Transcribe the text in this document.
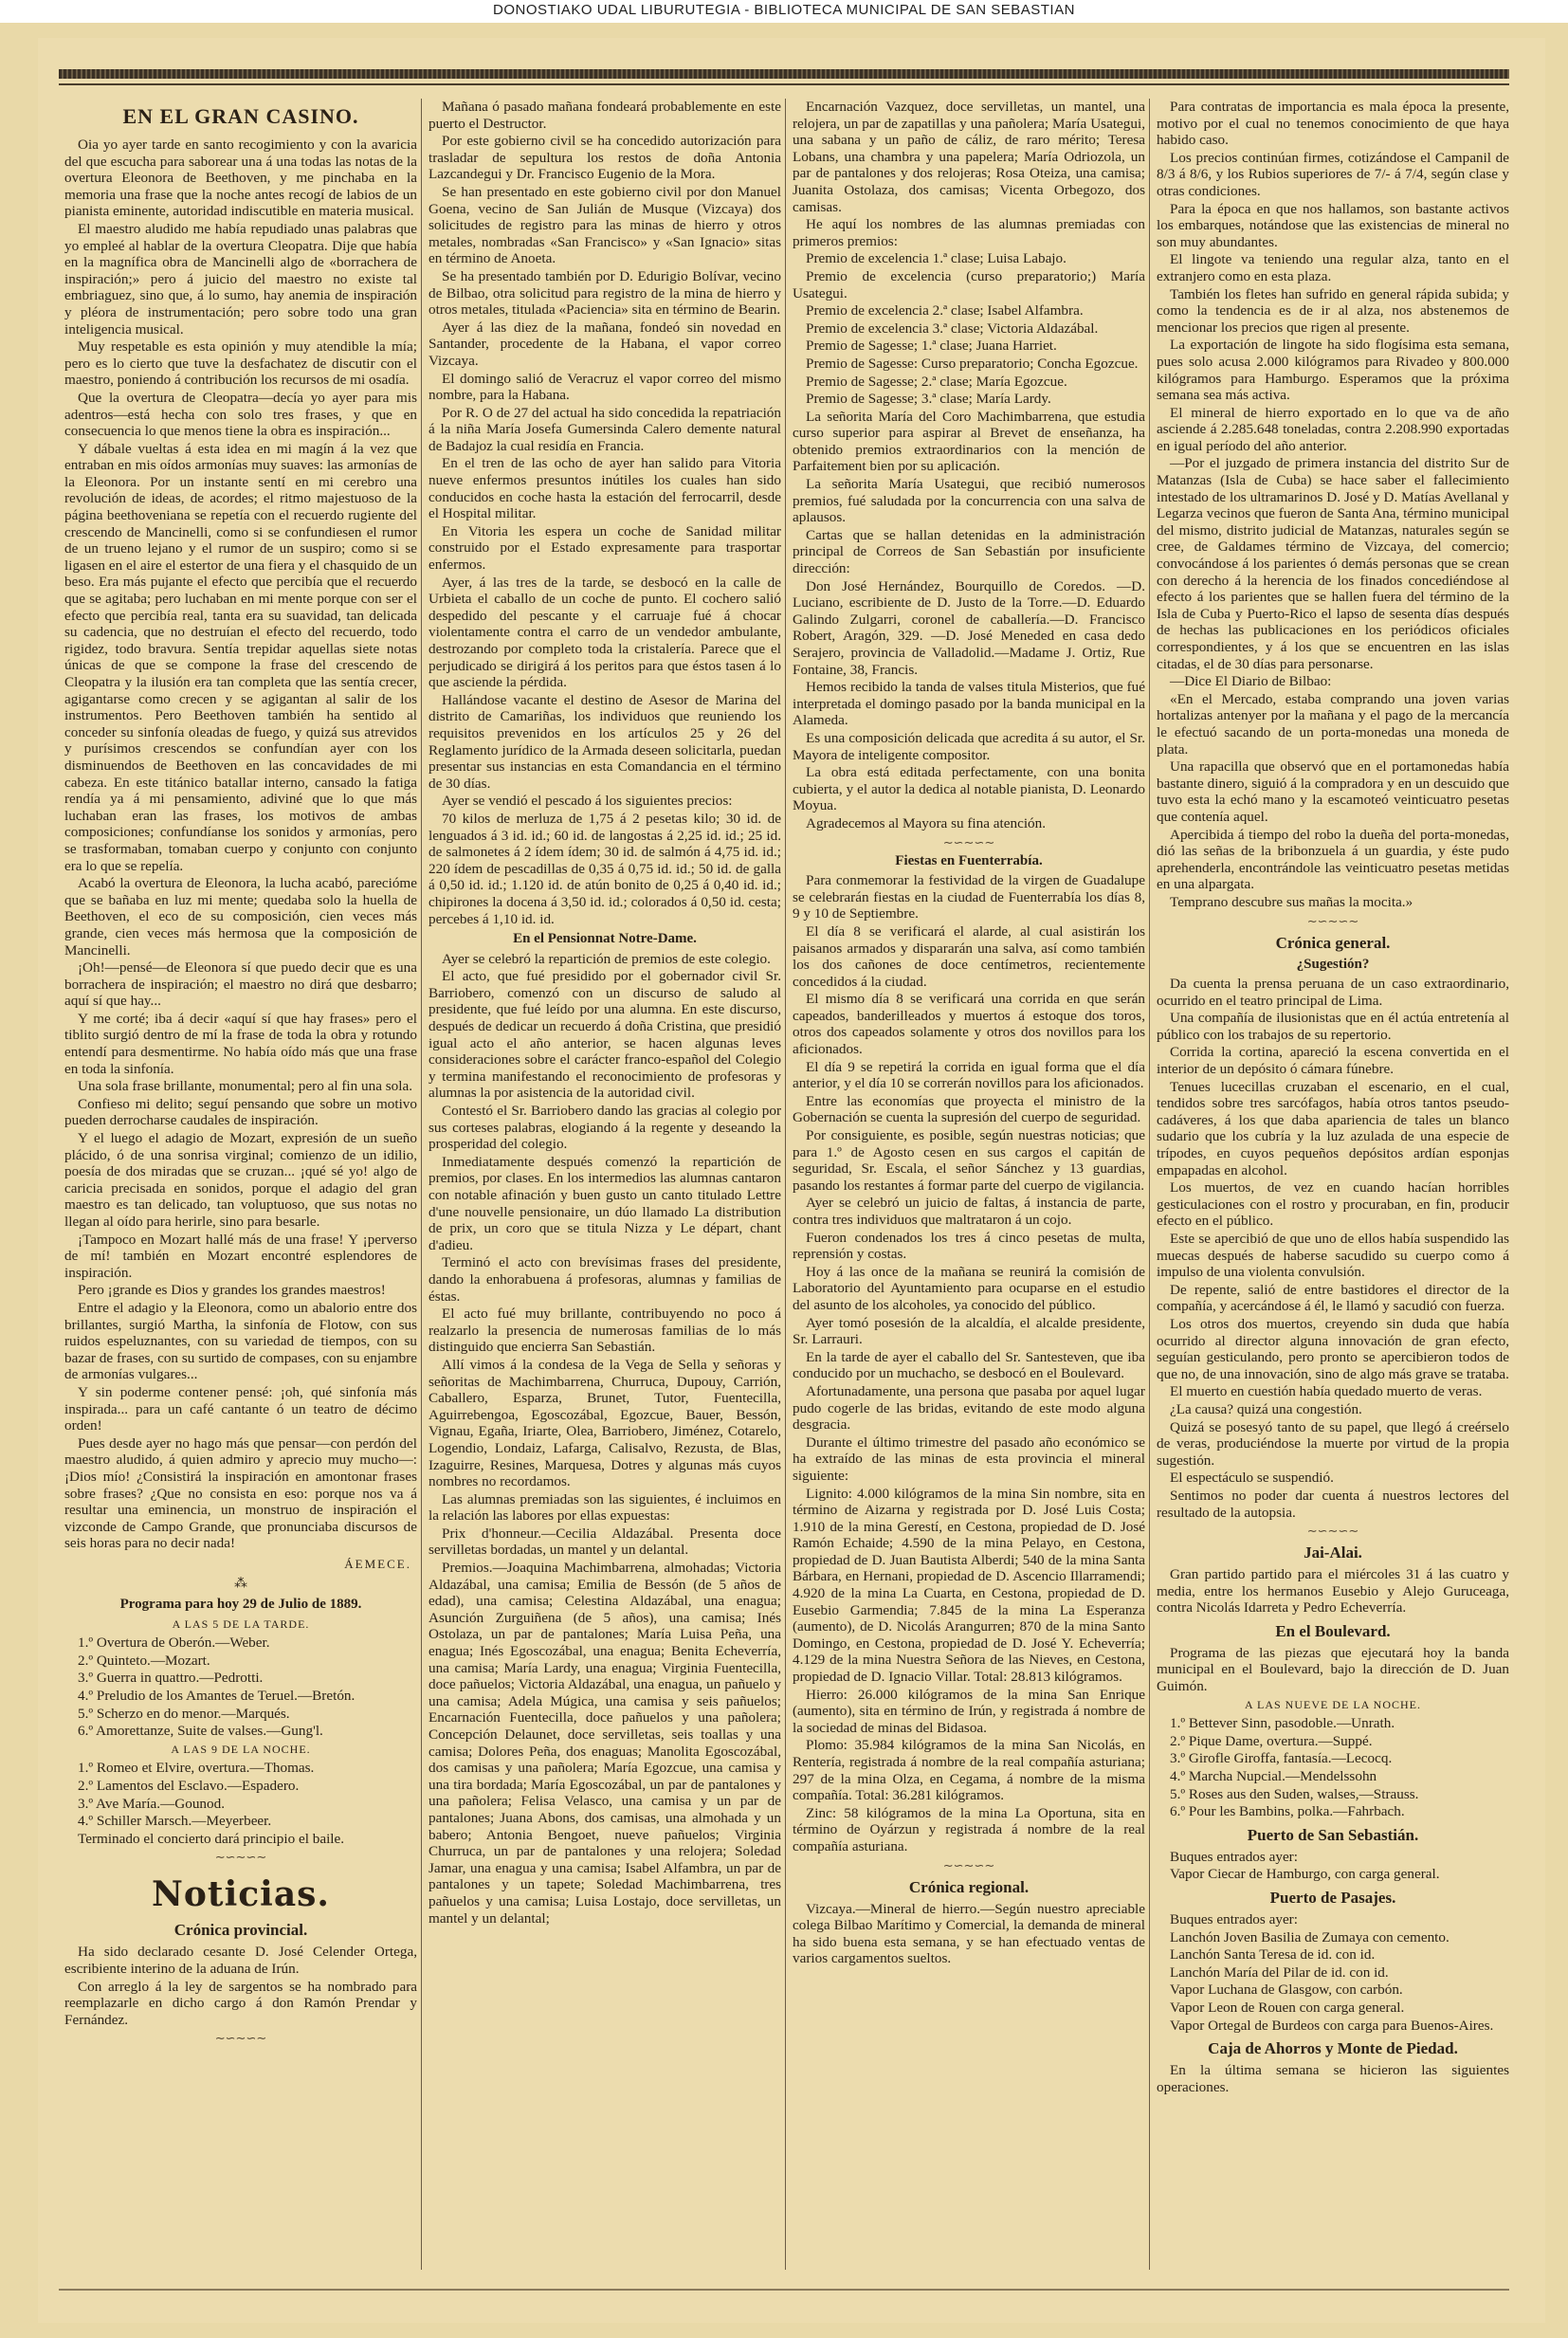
DONOSTIAKO UDAL LIBURUTEGIA - BIBLIOTECA MUNICIPAL DE SAN SEBASTIAN
EN EL GRAN CASINO.

Oia yo ayer tarde en santo recogimiento y con la avaricia del que escucha para saborear una á una todas las notas de la overtura Eleonora de Beethoven, y me pinchaba en la memoria una frase que la noche antes recogí de labios de un pianista eminente, autoridad indiscutible en materia musical.

El maestro aludido me había repudiado unas palabras que yo empleé al hablar de la overtura Cleopatra. Dije que había en la magnífica obra de Mancinelli algo de «borrachera de inspiración;» pero á juicio del maestro no existe tal embriaguez, sino que, á lo sumo, hay anemia de inspiración y pléora de instrumentación; pero sobre todo una gran inteligencia musical.

Muy respetable es esta opinión y muy atendible la mía; pero es lo cierto que tuve la desfachatez de discutir con el maestro, poniendo á contribución los recursos de mi osadía.

Que la overtura de Cleopatra—decía yo ayer para mis adentros—está hecha con solo tres frases, y que en consecuencia lo que menos tiene la obra es inspiración...

Y dábale vueltas á esta idea en mi magín á la vez que entraban en mis oídos armonías muy suaves: las armonías de la Eleonora. Por un instante sentí en mi cerebro una revolución de ideas, de acordes; el ritmo majestuoso de la página beethoveniana se repetía con el recuerdo rugiente del crescendo de Mancinelli, como si se confundiesen el rumor de un trueno lejano y el rumor de un suspiro; como si se ligasen en el aire el estertor de una fiera y el chasquido de un beso. Era más pujante el efecto que percibía que el recuerdo que se agitaba; pero luchaban en mi mente porque con ser el efecto que percibía real, tanta era su suavidad, tan delicada su cadencia, que no destruían el efecto del recuerdo, todo rigidez, todo bravura. Sentía trepidar aquellas siete notas únicas de que se compone la frase del crescendo de Cleopatra y la ilusión era tan completa que las sentía crecer, agigantarse como crecen y se agigantan al salir de los instrumentos. Pero Beethoven también ha sentido al conceder su sinfonía oleadas de fuego, y quizá sus atrevidos y purísimos crescendos se confundían ayer con los disminuendos de Beethoven en las concavidades de mi cabeza. En este titánico batallar interno, cansado la fatiga rendía ya á mi pensamiento, adiviné que lo que más luchaban eran las frases, los motivos de ambas composiciones; confundíanse los sonidos y armonías, pero se trasformaban, tomaban cuerpo y conjunto con conjunto era lo que se repelía.

Acabó la overtura de Eleonora, la lucha acabó, parecióme que se bañaba en luz mi mente; quedaba solo la huella de Beethoven, el eco de su composición, cien veces más grande, cien veces más hermosa que la composición de Mancinelli.

¡Oh!—pensé—de Eleonora sí que puedo decir que es una borrachera de inspiración; el maestro no dirá que desbarro; aquí sí que hay...

Y me corté; iba á decir «aquí sí que hay frases» pero el tiblito surgió dentro de mí la frase de toda la obra y rotundo entendí para desmentirme. No había oído más que una frase en toda la sinfonía.

Una sola frase brillante, monumental; pero al fin una sola.

Confieso mi delito; seguí pensando que sobre un motivo pueden derrocharse caudales de inspiración.

Y el luego el adagio de Mozart, expresión de un sueño plácido, ó de una sonrisa virginal; comienzo de un idilio, poesía de dos miradas que se cruzan... ¡qué sé yo! algo de caricia precisada en sonidos, porque el adagio del gran maestro es tan delicado, tan voluptuoso, que sus notas no llegan al oído para herirle, sino para besarle.

¡Tampoco en Mozart hallé más de una frase! Y ¡perverso de mí! también en Mozart encontré esplendores de inspiración.

Pero ¡grande es Dios y grandes los grandes maestros!

Entre el adagio y la Eleonora, como un abalorio entre dos brillantes, surgió Martha, la sinfonía de Flotow, con sus ruidos espeluznantes, con su variedad de tiempos, con su bazar de frases, con su surtido de compases, con su enjambre de armonías vulgares...

Y sin poderme contener pensé: ¡oh, qué sinfonía más inspirada... para un café cantante ó un teatro de décimo orden!

Pues desde ayer no hago más que pensar—con perdón del maestro aludido, á quien admiro y aprecio muy mucho—: ¡Dios mío! ¿Consistirá la inspiración en amontonar frases sobre frases? ¿Que no consista en eso: porque nos va á resultar una eminencia, un monstruo de inspiración el vizconde de Campo Grande, que pronunciaba discursos de seis horas para no decir nada!

ÁEMECE.
⁂
Programa para hoy 29 de Julio de 1889.
A LAS 5 DE LA TARDE.

1.º Overtura de Oberón.—Weber.

2.º Quinteto.—Mozart.

3.º Guerra in quattro.—Pedrotti.

4.º Preludio de los Amantes de Teruel.—Bretón.

5.º Scherzo en do menor.—Marqués.

6.º Amorettanze, Suite de valses.—Gung'l.

A LAS 9 DE LA NOCHE.

1.º Romeo et Elvire, overtura.—Thomas.

2.º Lamentos del Esclavo.—Espadero.

3.º Ave María.—Gounod.

4.º Schiller Marsch.—Meyerbeer.

Terminado el concierto dará principio el baile.

∼∽∼∽∼
Noticias.
Crónica provincial.

Ha sido declarado cesante D. José Celender Ortega, escribiente interino de la aduana de Irún.

Con arreglo á la ley de sargentos se ha nombrado para reemplazarle en dicho cargo á don Ramón Prendar y Fernández.

∼∽∼∽∼

Mañana ó pasado mañana fondeará probablemente en este puerto el Destructor.

Por este gobierno civil se ha concedido autorización para trasladar de sepultura los restos de doña Antonia Lazcandegui y Dr. Francisco Eugenio de la Mora.

Se han presentado en este gobierno civil por don Manuel Goena, vecino de San Julián de Musque (Vizcaya) dos solicitudes de registro para las minas de hierro y otros metales, nombradas «San Francisco» y «San Ignacio» sitas en término de Anoeta.

Se ha presentado también por D. Edurigio Bolívar, vecino de Bilbao, otra solicitud para registro de la mina de hierro y otros metales, titulada «Paciencia» sita en término de Bearin.

Ayer á las diez de la mañana, fondeó sin novedad en Santander, procedente de la Habana, el vapor correo Vizcaya.

El domingo salió de Veracruz el vapor correo del mismo nombre, para la Habana.

Por R. O de 27 del actual ha sido concedida la repatriación á la niña María Josefa Gumersinda Calero demente natural de Badajoz la cual residía en Francia.

En el tren de las ocho de ayer han salido para Vitoria nueve enfermos presuntos inútiles los cuales han sido conducidos en coche hasta la estación del ferrocarril, desde el Hospital militar.

En Vitoria les espera un coche de Sanidad militar construido por el Estado expresamente para trasportar enfermos.

Ayer, á las tres de la tarde, se desbocó en la calle de Urbieta el caballo de un coche de punto. El cochero salió despedido del pescante y el carruaje fué á chocar violentamente contra el carro de un vendedor ambulante, destrozando por completo toda la cristalería. Parece que el perjudicado se dirigirá á los peritos para que éstos tasen á lo que asciende la pérdida.

Hallándose vacante el destino de Asesor de Marina del distrito de Camariñas, los individuos que reuniendo los requisitos prevenidos en los artículos 25 y 26 del Reglamento jurídico de la Armada deseen solicitarla, puedan presentar sus instancias en esta Comandancia en el término de 30 días.

Ayer se vendió el pescado á los siguientes precios:

70 kilos de merluza de 1,75 á 2 pesetas kilo; 30 id. de lenguados á 3 id. id.; 60 id. de langostas á 2,25 id. id.; 25 id. de salmonetes á 2 ídem ídem; 30 id. de salmón á 4,75 id. id.; 220 ídem de pescadillas de 0,35 á 0,75 id. id.; 50 id. de galla á 0,50 id. id.; 1.120 id. de atún bonito de 0,25 á 0,40 id. id.; chipirones la docena á 3,50 id. id.; colorados á 0,50 id. cesta; percebes á 1,10 id. id.

En el Pensionnat Notre-Dame.

Ayer se celebró la repartición de premios de este colegio.

El acto, que fué presidido por el gobernador civil Sr. Barriobero, comenzó con un discurso de saludo al presidente, que fué leído por una alumna. En este discurso, después de dedicar un recuerdo á doña Cristina, que presidió igual acto el año anterior, se hacen algunas leves consideraciones sobre el carácter franco-español del Colegio y termina manifestando el reconocimiento de profesoras y alumnas la por asistencia de la autoridad civil.

Contestó el Sr. Barriobero dando las gracias al colegio por sus corteses palabras, elogiando á la regente y deseando la prosperidad del colegio.

Inmediatamente después comenzó la repartición de premios, por clases. En los intermedios las alumnas cantaron con notable afinación y buen gusto un canto titulado Lettre d'une nouvelle pensionaire, un dúo llamado La distribution de prix, un coro que se titula Nizza y Le départ, chant d'adieu.

Terminó el acto con brevísimas frases del presidente, dando la enhorabuena á profesoras, alumnas y familias de éstas.

El acto fué muy brillante, contribuyendo no poco á realzarlo la presencia de numerosas familias de lo más distinguido que encierra San Sebastián.

Allí vimos á la condesa de la Vega de Sella y señoras y señoritas de Machimbarrena, Churruca, Dupouy, Carrión, Caballero, Esparza, Brunet, Tutor, Fuentecilla, Aguirrebengoa, Egoscozábal, Egozcue, Bauer, Bessón, Vignau, Egaña, Iriarte, Olea, Barriobero, Jiménez, Cotarelo, Logendio, Londaiz, Lafarga, Calisalvo, Rezusta, de Blas, Izaguirre, Resines, Marquesa, Dotres y algunas más cuyos nombres no recordamos.

Las alumnas premiadas son las siguientes, é incluimos en la relación las labores por ellas expuestas:

Prix d'honneur.—Cecilia Aldazábal. Presenta doce servilletas bordadas, un mantel y un delantal.

Premios.—Joaquina Machimbarrena, almohadas; Victoria Aldazábal, una camisa; Emilia de Bessón (de 5 años de edad), una camisa; Celestina Aldazábal, una enagua; Asunción Zurguiñena (de 5 años), una camisa; Inés Ostolaza, un par de pantalones; María Luisa Peña, una enagua; Inés Egoscozábal, una enagua; Benita Echeverría, una camisa; María Lardy, una enagua; Virginia Fuentecilla, doce pañuelos; Victoria Aldazábal, una enagua, un pañuelo y una camisa; Adela Múgica, una camisa y seis pañuelos; Encarnación Fuentecilla, doce pañuelos y una pañolera; Concepción Delaunet, doce servilletas, seis toallas y una camisa; Dolores Peña, dos enaguas; Manolita Egoscozábal, dos camisas y una pañolera; María Egozcue, una camisa y una tira bordada; María Egoscozábal, un par de pantalones y una pañolera; Felisa Velasco, una camisa y un par de pantalones; Juana Abons, dos camisas, una almohada y un babero; Antonia Bengoet, nueve pañuelos; Virginia Churruca, un par de pantalones y una relojera; Soledad Jamar, una enagua y una camisa; Isabel Alfambra, un par de pantalones y un tapete; Soledad Machimbarrena, tres pañuelos y una camisa; Luisa Lostajo, doce servilletas, un mantel y un delantal;

Encarnación Vazquez, doce servilletas, un mantel, una relojera, un par de zapatillas y una pañolera; María Usategui, una sabana y un paño de cáliz, de raro mérito; Teresa Lobans, una chambra y una papelera; María Odriozola, un par de pantalones y dos relojeras; Rosa Oteiza, una camisa; Juanita Ostolaza, dos camisas; Vicenta Orbegozo, dos camisas.

He aquí los nombres de las alumnas premiadas con primeros premios:

Premio de excelencia 1.ª clase; Luisa Labajo.

Premio de excelencia (curso preparatorio;) María Usategui.

Premio de excelencia 2.ª clase; Isabel Alfambra.

Premio de excelencia 3.ª clase; Victoria Aldazábal.

Premio de Sagesse; 1.ª clase; Juana Harriet.

Premio de Sagesse: Curso preparatorio; Concha Egozcue.

Premio de Sagesse; 2.ª clase; María Egozcue.

Premio de Sagesse; 3.ª clase; María Lardy.

La señorita María del Coro Machimbarrena, que estudia curso superior para aspirar al Brevet de enseñanza, ha obtenido premios extraordinarios con la mención de Parfaitement bien por su aplicación.

La señorita María Usategui, que recibió numerosos premios, fué saludada por la concurrencia con una salva de aplausos.

Cartas que se hallan detenidas en la administración principal de Correos de San Sebastián por insuficiente dirección:

Don José Hernández, Bourquillo de Coredos. —D. Luciano, escribiente de D. Justo de la Torre.—D. Eduardo Galindo Zulgarri, coronel de caballería.—D. Francisco Robert, Aragón, 329. —D. José Meneded en casa dedo Serajero, provincia de Valladolid.—Madame J. Ortiz, Rue Fontaine, 38, Francis.

Hemos recibido la tanda de valses titula Misterios, que fué interpretada el domingo pasado por la banda municipal en la Alameda.

Es una composición delicada que acredita á su autor, el Sr. Mayora de inteligente compositor.

La obra está editada perfectamente, con una bonita cubierta, y el autor la dedica al notable pianista, D. Leonardo Moyua.

Agradecemos al Mayora su fina atención.

∼∽∼∽∼
Fiestas en Fuenterrabía.

Para conmemorar la festividad de la virgen de Guadalupe se celebrarán fiestas en la ciudad de Fuenterrabía los días 8, 9 y 10 de Septiembre.

El día 8 se verificará el alarde, al cual asistirán los paisanos armados y dispararán una salva, así como también los dos cañones de doce centímetros, recientemente concedidos á la ciudad.

El mismo día 8 se verificará una corrida en que serán capeados, banderilleados y muertos á estoque dos toros, otros dos capeados solamente y otros dos novillos para los aficionados.

El día 9 se repetirá la corrida en igual forma que el día anterior, y el día 10 se correrán novillos para los aficionados.

Entre las economías que proyecta el ministro de la Gobernación se cuenta la supresión del cuerpo de seguridad.

Por consiguiente, es posible, según nuestras noticias; que para 1.º de Agosto cesen en sus cargos el capitán de seguridad, Sr. Escala, el señor Sánchez y 13 guardias, pasando los restantes á formar parte del cuerpo de vigilancia.

Ayer se celebró un juicio de faltas, á instancia de parte, contra tres individuos que maltrataron á un cojo.

Fueron condenados los tres á cinco pesetas de multa, reprensión y costas.

Hoy á las once de la mañana se reunirá la comisión de Laboratorio del Ayuntamiento para ocuparse en el estudio del asunto de los alcoholes, ya conocido del público.

Ayer tomó posesión de la alcaldía, el alcalde presidente, Sr. Larrauri.

En la tarde de ayer el caballo del Sr. Santesteven, que iba conducido por un muchacho, se desbocó en el Boulevard.

Afortunadamente, una persona que pasaba por aquel lugar pudo cogerle de las bridas, evitando de este modo alguna desgracia.

Durante el último trimestre del pasado año económico se ha extraído de las minas de esta provincia el mineral siguiente:

Lignito: 4.000 kilógramos de la mina Sin nombre, sita en término de Aizarna y registrada por D. José Luis Costa; 1.910 de la mina Gerestí, en Cestona, propiedad de D. José Ramón Echaide; 4.590 de la mina Pelayo, en Cestona, propiedad de D. Juan Bautista Alberdi; 540 de la mina Santa Bárbara, en Hernani, propiedad de D. Ascencio Illarramendi; 4.920 de la mina La Cuarta, en Cestona, propiedad de D. Eusebio Garmendia; 7.845 de la mina La Esperanza (aumento), de D. Nicolás Arangurren; 870 de la mina Santo Domingo, en Cestona, propiedad de D. José Y. Echeverría; 4.129 de la mina Nuestra Señora de las Nieves, en Cestona, propiedad de D. Ignacio Villar. Total: 28.813 kilógramos.

Hierro: 26.000 kilógramos de la mina San Enrique (aumento), sita en término de Irún, y registrada á nombre de la sociedad de minas del Bidasoa.

Plomo: 35.984 kilógramos de la mina San Nicolás, en Rentería, registrada á nombre de la real compañía asturiana; 297 de la mina Olza, en Cegama, á nombre de la misma compañía. Total: 36.281 kilógramos.

Zinc: 58 kilógramos de la mina La Oportuna, sita en término de Oyárzun y registrada á nombre de la real compañía asturiana.

∼∽∼∽∼
Crónica regional.

Vizcaya.—Mineral de hierro.—Según nuestro apreciable colega Bilbao Marítimo y Comercial, la demanda de mineral ha sido buena esta semana, y se han efectuado ventas de varios cargamentos sueltos.

Para contratas de importancia es mala época la presente, motivo por el cual no tenemos conocimiento de que haya habido caso.

Los precios continúan firmes, cotizándose el Campanil de 8/3 á 8/6, y los Rubios superiores de 7/- á 7/4, según clase y otras condiciones.

Para la época en que nos hallamos, son bastante activos los embarques, notándose que las existencias de mineral no son muy abundantes.

El lingote va teniendo una regular alza, tanto en el extranjero como en esta plaza.

También los fletes han sufrido en general rápida subida; y como la tendencia es de ir al alza, nos abstenemos de mencionar los precios que rigen al presente.

La exportación de lingote ha sido flogísima esta semana, pues solo acusa 2.000 kilógramos para Rivadeo y 800.000 kilógramos para Hamburgo. Esperamos que la próxima semana sea más activa.

El mineral de hierro exportado en lo que va de año asciende á 2.285.648 toneladas, contra 2.208.990 exportadas en igual período del año anterior.

—Por el juzgado de primera instancia del distrito Sur de Matanzas (Isla de Cuba) se hace saber el fallecimiento intestado de los ultramarinos D. José y D. Matías Avellanal y Legarza vecinos que fueron de Santa Ana, término municipal del mismo, distrito judicial de Matanzas, naturales según se cree, de Galdames término de Vizcaya, del comercio; convocándose á los parientes ó demás personas que se crean con derecho á la herencia de los finados concediéndose al efecto á los parientes que se hallen fuera del término de la Isla de Cuba y Puerto-Rico el lapso de sesenta días después de hechas las publicaciones en los periódicos oficiales correspondientes, y á los que se encuentren en las islas citadas, el de 30 días para personarse.

—Dice El Diario de Bilbao:

«En el Mercado, estaba comprando una joven varias hortalizas antenyer por la mañana y el pago de la mercancía le efectuó sacando de un porta-monedas una moneda de plata.

Una rapacilla que observó que en el portamonedas había bastante dinero, siguió á la compradora y en un descuido que tuvo esta la echó mano y la escamoteó veinticuatro pesetas que contenía aquel.

Apercibida á tiempo del robo la dueña del porta-monedas, dió las señas de la bribonzuela á un guardia, y éste pudo aprehenderla, encontrándole las veinticuatro pesetas metidas en una alpargata.

Temprano descubre sus mañas la mocita.»

∼∽∼∽∼
Crónica general.
¿Sugestión?

Da cuenta la prensa peruana de un caso extraordinario, ocurrido en el teatro principal de Lima.

Una compañía de ilusionistas que en él actúa entretenía al público con los trabajos de su repertorio.

Corrida la cortina, apareció la escena convertida en el interior de un depósito ó cámara fúnebre.

Tenues lucecillas cruzaban el escenario, en el cual, tendidos sobre tres sarcófagos, había otros tantos pseudo-cadáveres, á los que daba apariencia de tales un blanco sudario que los cubría y la luz azulada de una especie de trípodes, en cuyos pequeños depósitos ardían esponjas empapadas en alcohol.

Los muertos, de vez en cuando hacían horribles gesticulaciones con el rostro y procuraban, en fin, producir efecto en el público.

Este se apercibió de que uno de ellos había suspendido las muecas después de haberse sacudido su cuerpo como á impulso de una violenta convulsión.

De repente, salió de entre bastidores el director de la compañía, y acercándose á él, le llamó y sacudió con fuerza.

Los otros dos muertos, creyendo sin duda que había ocurrido al director alguna innovación de gran efecto, seguían gesticulando, pero pronto se apercibieron todos de que no, de una innovación, sino de algo más grave se trataba.

El muerto en cuestión había quedado muerto de veras.

¿La causa? quizá una congestión.

Quizá se posesyó tanto de su papel, que llegó á creérselo de veras, produciéndose la muerte por virtud de la propia sugestión.

El espectáculo se suspendió.

Sentimos no poder dar cuenta á nuestros lectores del resultado de la autopsia.

∼∽∼∽∼
Jai-Alai.

Gran partido partido para el miércoles 31 á las cuatro y media, entre los hermanos Eusebio y Alejo Guruceaga, contra Nicolás Idarreta y Pedro Echeverría.

En el Boulevard.

Programa de las piezas que ejecutará hoy la banda municipal en el Boulevard, bajo la dirección de D. Juan Guimón.

A LAS NUEVE DE LA NOCHE.

1.º Bettever Sinn, pasodoble.—Unrath.

2.º Pique Dame, overtura.—Suppé.

3.º Girofle Giroffa, fantasía.—Lecocq.

4.º Marcha Nupcial.—Mendelssohn

5.º Roses aus den Suden, walses,—Strauss.

6.º Pour les Bambins, polka.—Fahrbach.

Puerto de San Sebastián.

Buques entrados ayer:

Vapor Ciecar de Hamburgo, con carga general.

Puerto de Pasajes.

Buques entrados ayer:

Lanchón Joven Basilia de Zumaya con cemento.

Lanchón Santa Teresa de id. con id.

Lanchón María del Pilar de id. con id.

Vapor Luchana de Glasgow, con carbón.

Vapor Leon de Rouen con carga general.

Vapor Ortegal de Burdeos con carga para Buenos-Aires.

Caja de Ahorros y Monte de Piedad.

En la última semana se hicieron las siguientes operaciones.
